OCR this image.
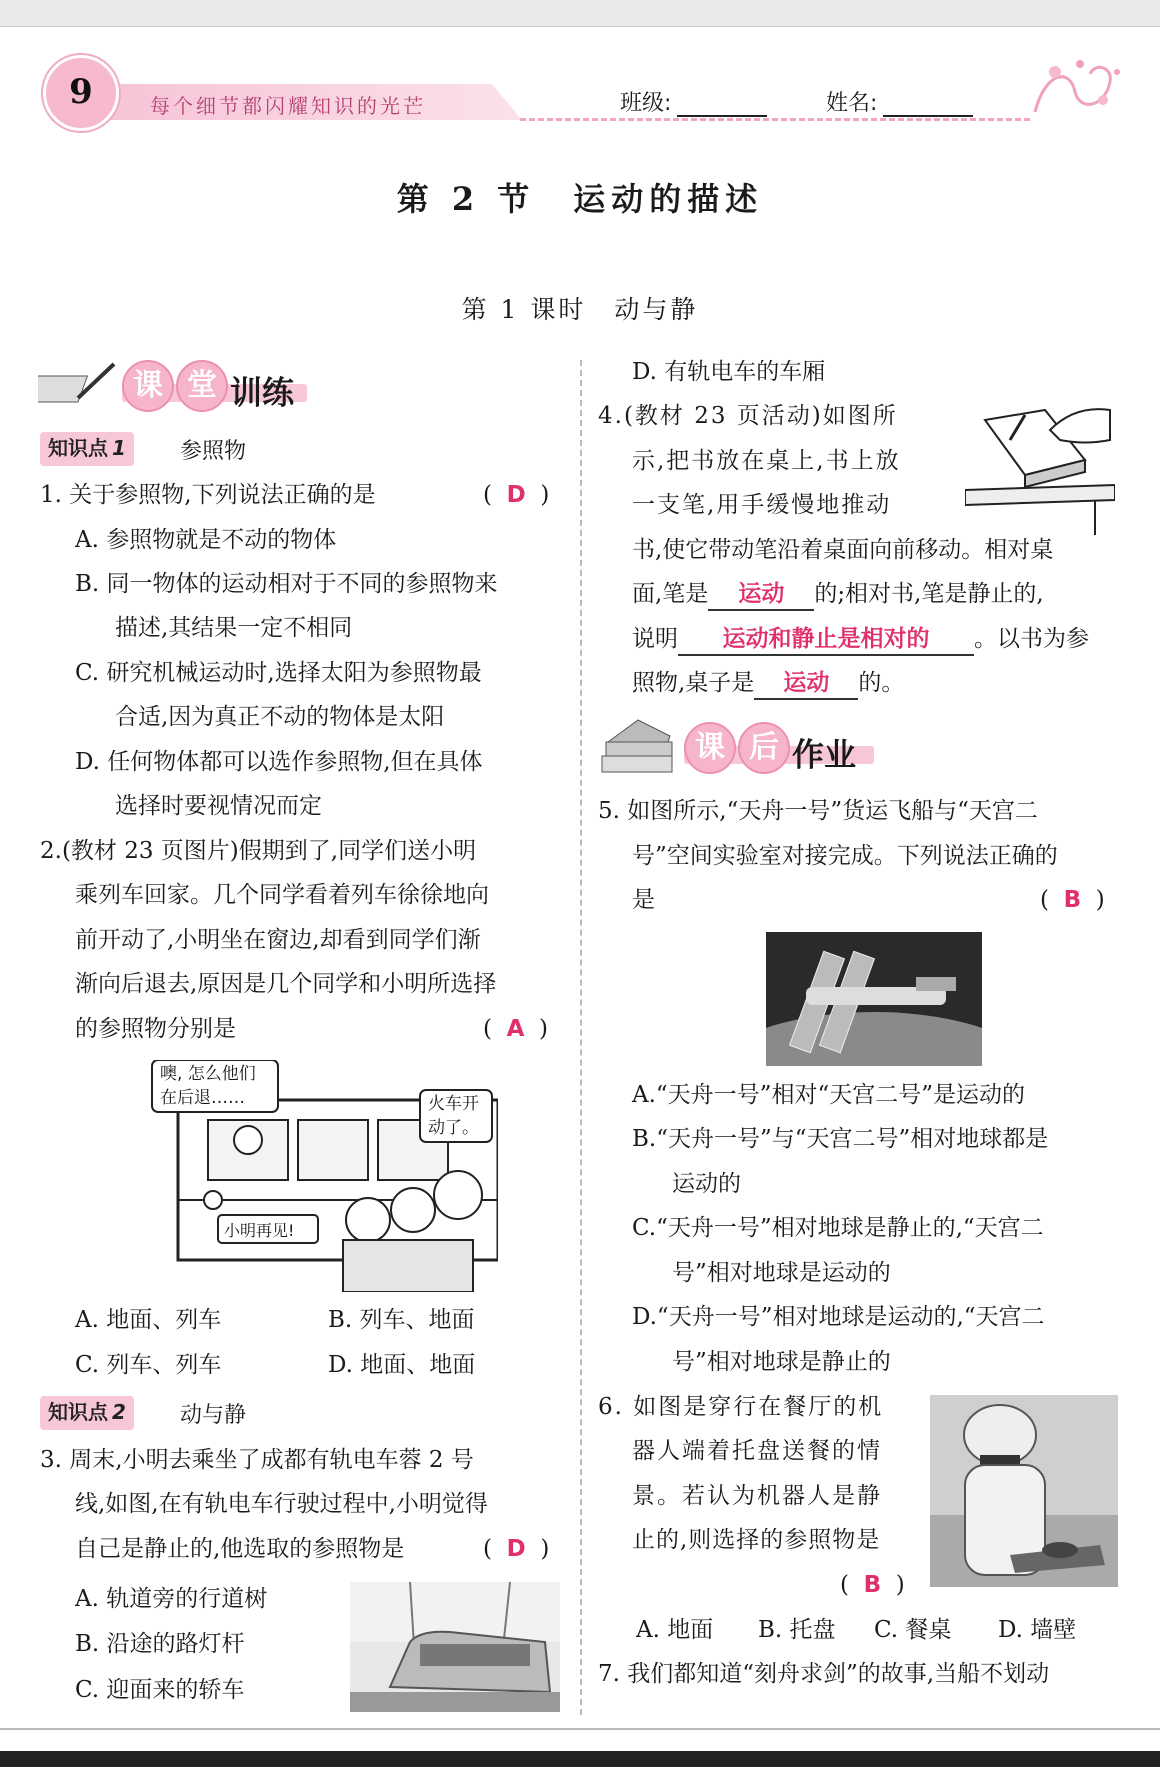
9	每个细节都闪耀知识的光芒	班级:	姓名:
第 2 节　运动的描述
第 1 课时　动与静
课 堂 训练
知识点 1	参照物
1. 关于参照物,下列说法正确的是	(  D  )
A. 参照物就是不动的物体
B. 同一物体的运动相对于不同的参照物来
描述,其结果一定不相同
C. 研究机械运动时,选择太阳为参照物最
合适,因为真正不动的物体是太阳
D. 任何物体都可以选作参照物,但在具体
选择时要视情况而定
2.(教材 23 页图片)假期到了,同学们送小明
乘列车回家。几个同学看着列车徐徐地向
前开动了,小明坐在窗边,却看到同学们渐
渐向后退去,原因是几个同学和小明所选择
的参照物分别是	(  A  )
噢, 怎么他们
在后退……	火车开
动了。
小明再见!
A. 地面、列车	B. 列车、地面
C. 列车、列车	D. 地面、地面
知识点 2	动与静
3. 周末,小明去乘坐了成都有轨电车蓉 2 号
线,如图,在有轨电车行驶过程中,小明觉得
自己是静止的,他选取的参照物是	(  D  )
A. 轨道旁的行道树
B. 沿途的路灯杆
C. 迎面来的轿车
D. 有轨电车的车厢
4.(教材 23 页活动)如图所
示,把书放在桌上,书上放
一支笔,用手缓慢地推动
书,使它带动笔沿着桌面向前移动。相对桌
面,笔是 运动 的;相对书,笔是静止的,
说明 运动和静止是相对的 。以书为参
照物,桌子是 运动 的。
课 后 作业
5. 如图所示,“天舟一号”货运飞船与“天宫二
号”空间实验室对接完成。下列说法正确的
是	(  B  )
A.“天舟一号”相对“天宫二号”是运动的
B.“天舟一号”与“天宫二号”相对地球都是
运动的
C.“天舟一号”相对地球是静止的,“天宫二
号”相对地球是运动的
D.“天舟一号”相对地球是运动的,“天宫二
号”相对地球是静止的
6. 如图是穿行在餐厅的机
器人端着托盘送餐的情
景。若认为机器人是静
止的,则选择的参照物是
(  B  )
A. 地面 B. 托盘 C. 餐桌 D. 墙壁
7. 我们都知道“刻舟求剑”的故事,当船不划动
